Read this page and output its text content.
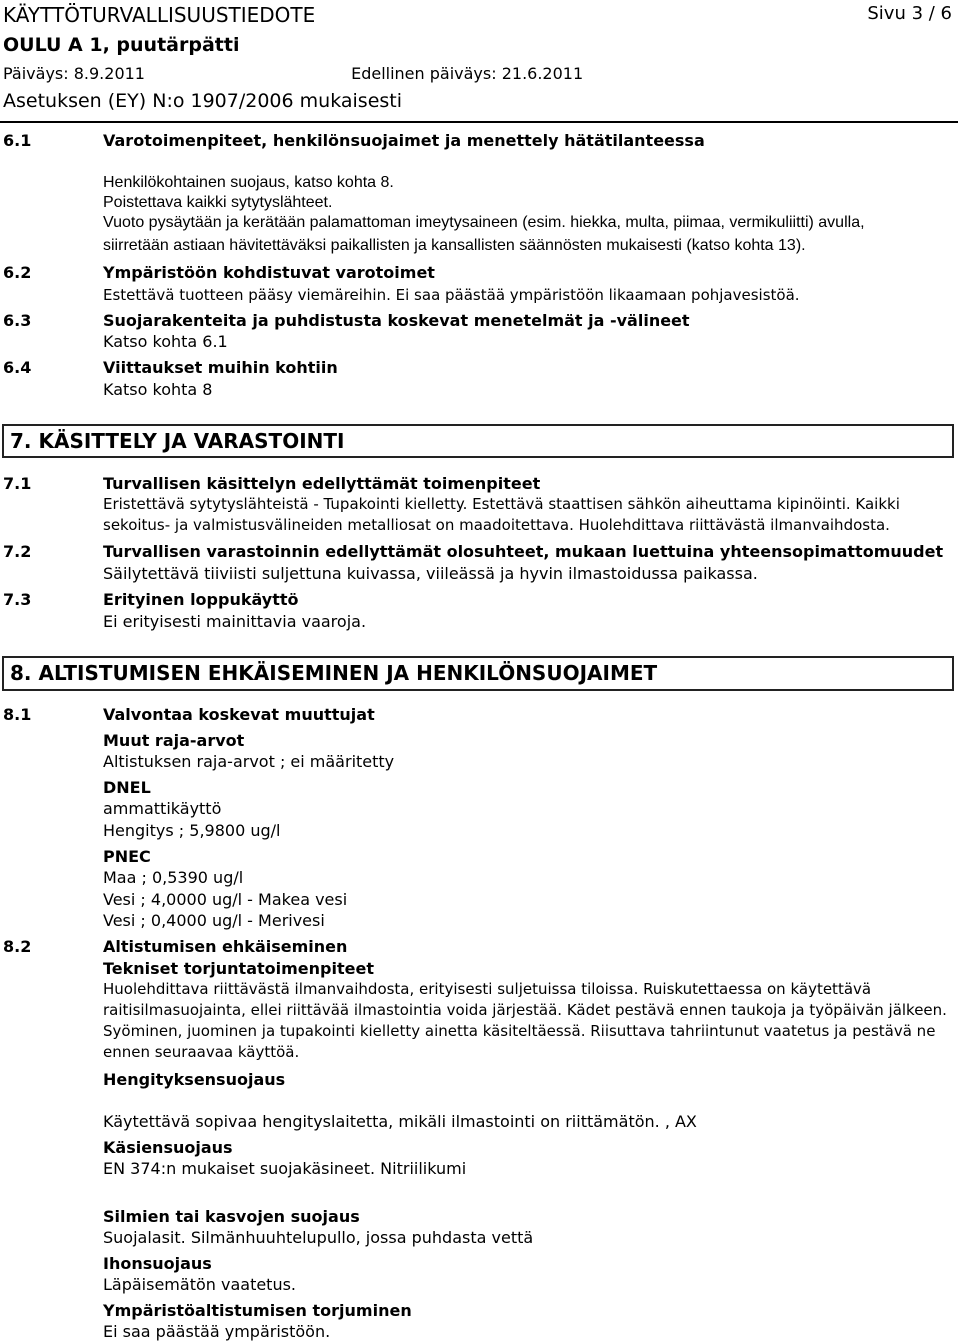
KÄYTTÖTURVALLISUUSTIEDOTE	Sivu 3 / 6
OULU A 1, puutärpätti
Päiväys: 8.9.2011	Edellinen päiväys: 21.6.2011
Asetuksen (EY) N:o 1907/2006 mukaisesti
6.1	Varotoimenpiteet, henkilönsuojaimet ja menettely hätätilanteessa
Henkilökohtainen suojaus, katso kohta 8.
Poistettava kaikki sytytyslähteet.
Vuoto pysäytään ja kerätään palamattoman imeytysaineen (esim. hiekka, multa, piimaa, vermikuliitti) avulla,
siirretään astiaan hävitettäväksi paikallisten ja kansallisten säännösten mukaisesti (katso kohta 13).
6.2	Ympäristöön kohdistuvat varotoimet
Estettävä tuotteen pääsy viemäreihin. Ei saa päästää ympäristöön likaamaan pohjavesistöä.
6.3	Suojarakenteita ja puhdistusta koskevat menetelmät ja -välineet
Katso kohta 6.1
6.4	Viittaukset muihin kohtiin
Katso kohta 8
7. KÄSITTELY JA VARASTOINTI
7.1	Turvallisen käsittelyn edellyttämät toimenpiteet
Eristettävä sytytyslähteistä - Tupakointi kielletty. Estettävä staattisen sähkön aiheuttama kipinöinti. Kaikki
sekoitus- ja valmistusvälineiden metalliosat on maadoitettava. Huolehdittava riittävästä ilmanvaihdosta.
7.2	Turvallisen varastoinnin edellyttämät olosuhteet, mukaan luettuina yhteensopimattomuudet
Säilytettävä tiiviisti suljettuna kuivassa, viileässä ja hyvin ilmastoidussa paikassa.
7.3	Erityinen loppukäyttö
Ei erityisesti mainittavia vaaroja.
8. ALTISTUMISEN EHKÄISEMINEN JA HENKILÖNSUOJAIMET
8.1	Valvontaa koskevat muuttujat
Muut raja-arvot
Altistuksen raja-arvot ; ei määritetty
DNEL
ammattikäyttö
Hengitys ; 5,9800 ug/l
PNEC
Maa ; 0,5390 ug/l
Vesi ; 4,0000 ug/l - Makea vesi
Vesi ; 0,4000 ug/l - Merivesi
8.2	Altistumisen ehkäiseminen
Tekniset torjuntatoimenpiteet
Huolehdittava riittävästä ilmanvaihdosta, erityisesti suljetuissa tiloissa. Ruiskutettaessa on käytettävä
raitisilmasuojainta, ellei riittävää ilmastointia voida järjestää. Kädet pestävä ennen taukoja ja työpäivän jälkeen.
Syöminen, juominen ja tupakointi kielletty ainetta käsiteltäessä. Riisuttava tahriintunut vaatetus ja pestävä ne
ennen seuraavaa käyttöä.
Hengityksensuojaus
Käytettävä sopivaa hengityslaitetta, mikäli ilmastointi on riittämätön. , AX
Käsiensuojaus
EN 374:n mukaiset suojakäsineet. Nitriilikumi
Silmien tai kasvojen suojaus
Suojalasit. Silmänhuuhtelupullo, jossa puhdasta vettä
Ihonsuojaus
Läpäisemätön vaatetus.
Ympäristöaltistumisen torjuminen
Ei saa päästää ympäristöön.
